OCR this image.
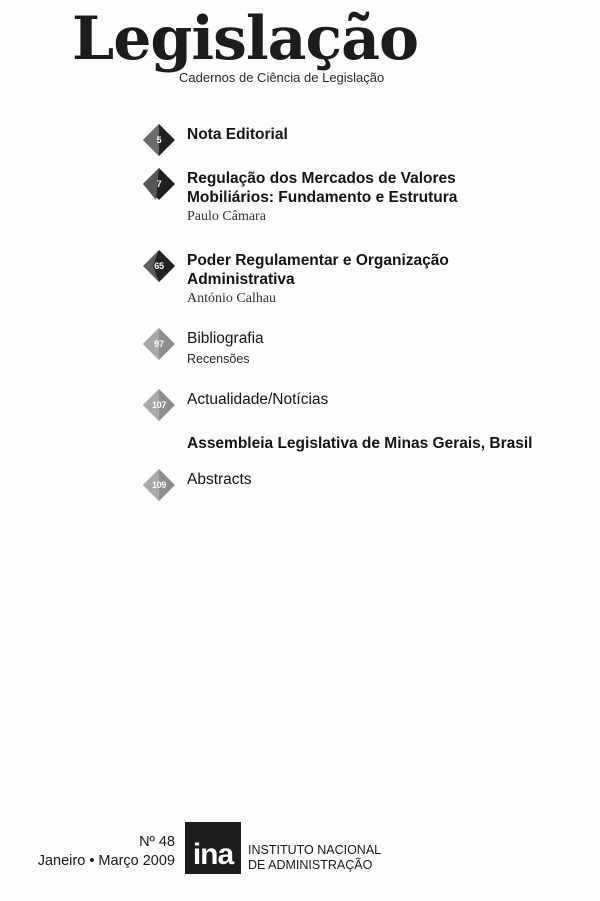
Legislação
Cadernos de Ciência de Legislação
5	Nota Editorial
7	Regulação dos Mercados de Valores
Mobiliários: Fundamento e Estrutura
Paulo Câmara
65	Poder Regulamentar e Organização
Administrativa
António Calhau
97	Bibliografia
Recensões
107	Actualidade/Notícias
Assembleia Legislativa de Minas Gerais, Brasil
109	Abstracts
Nº 48
Janeiro • Março 2009 ina	INSTITUTO NACIONAL
DE ADMINISTRAÇÃO
